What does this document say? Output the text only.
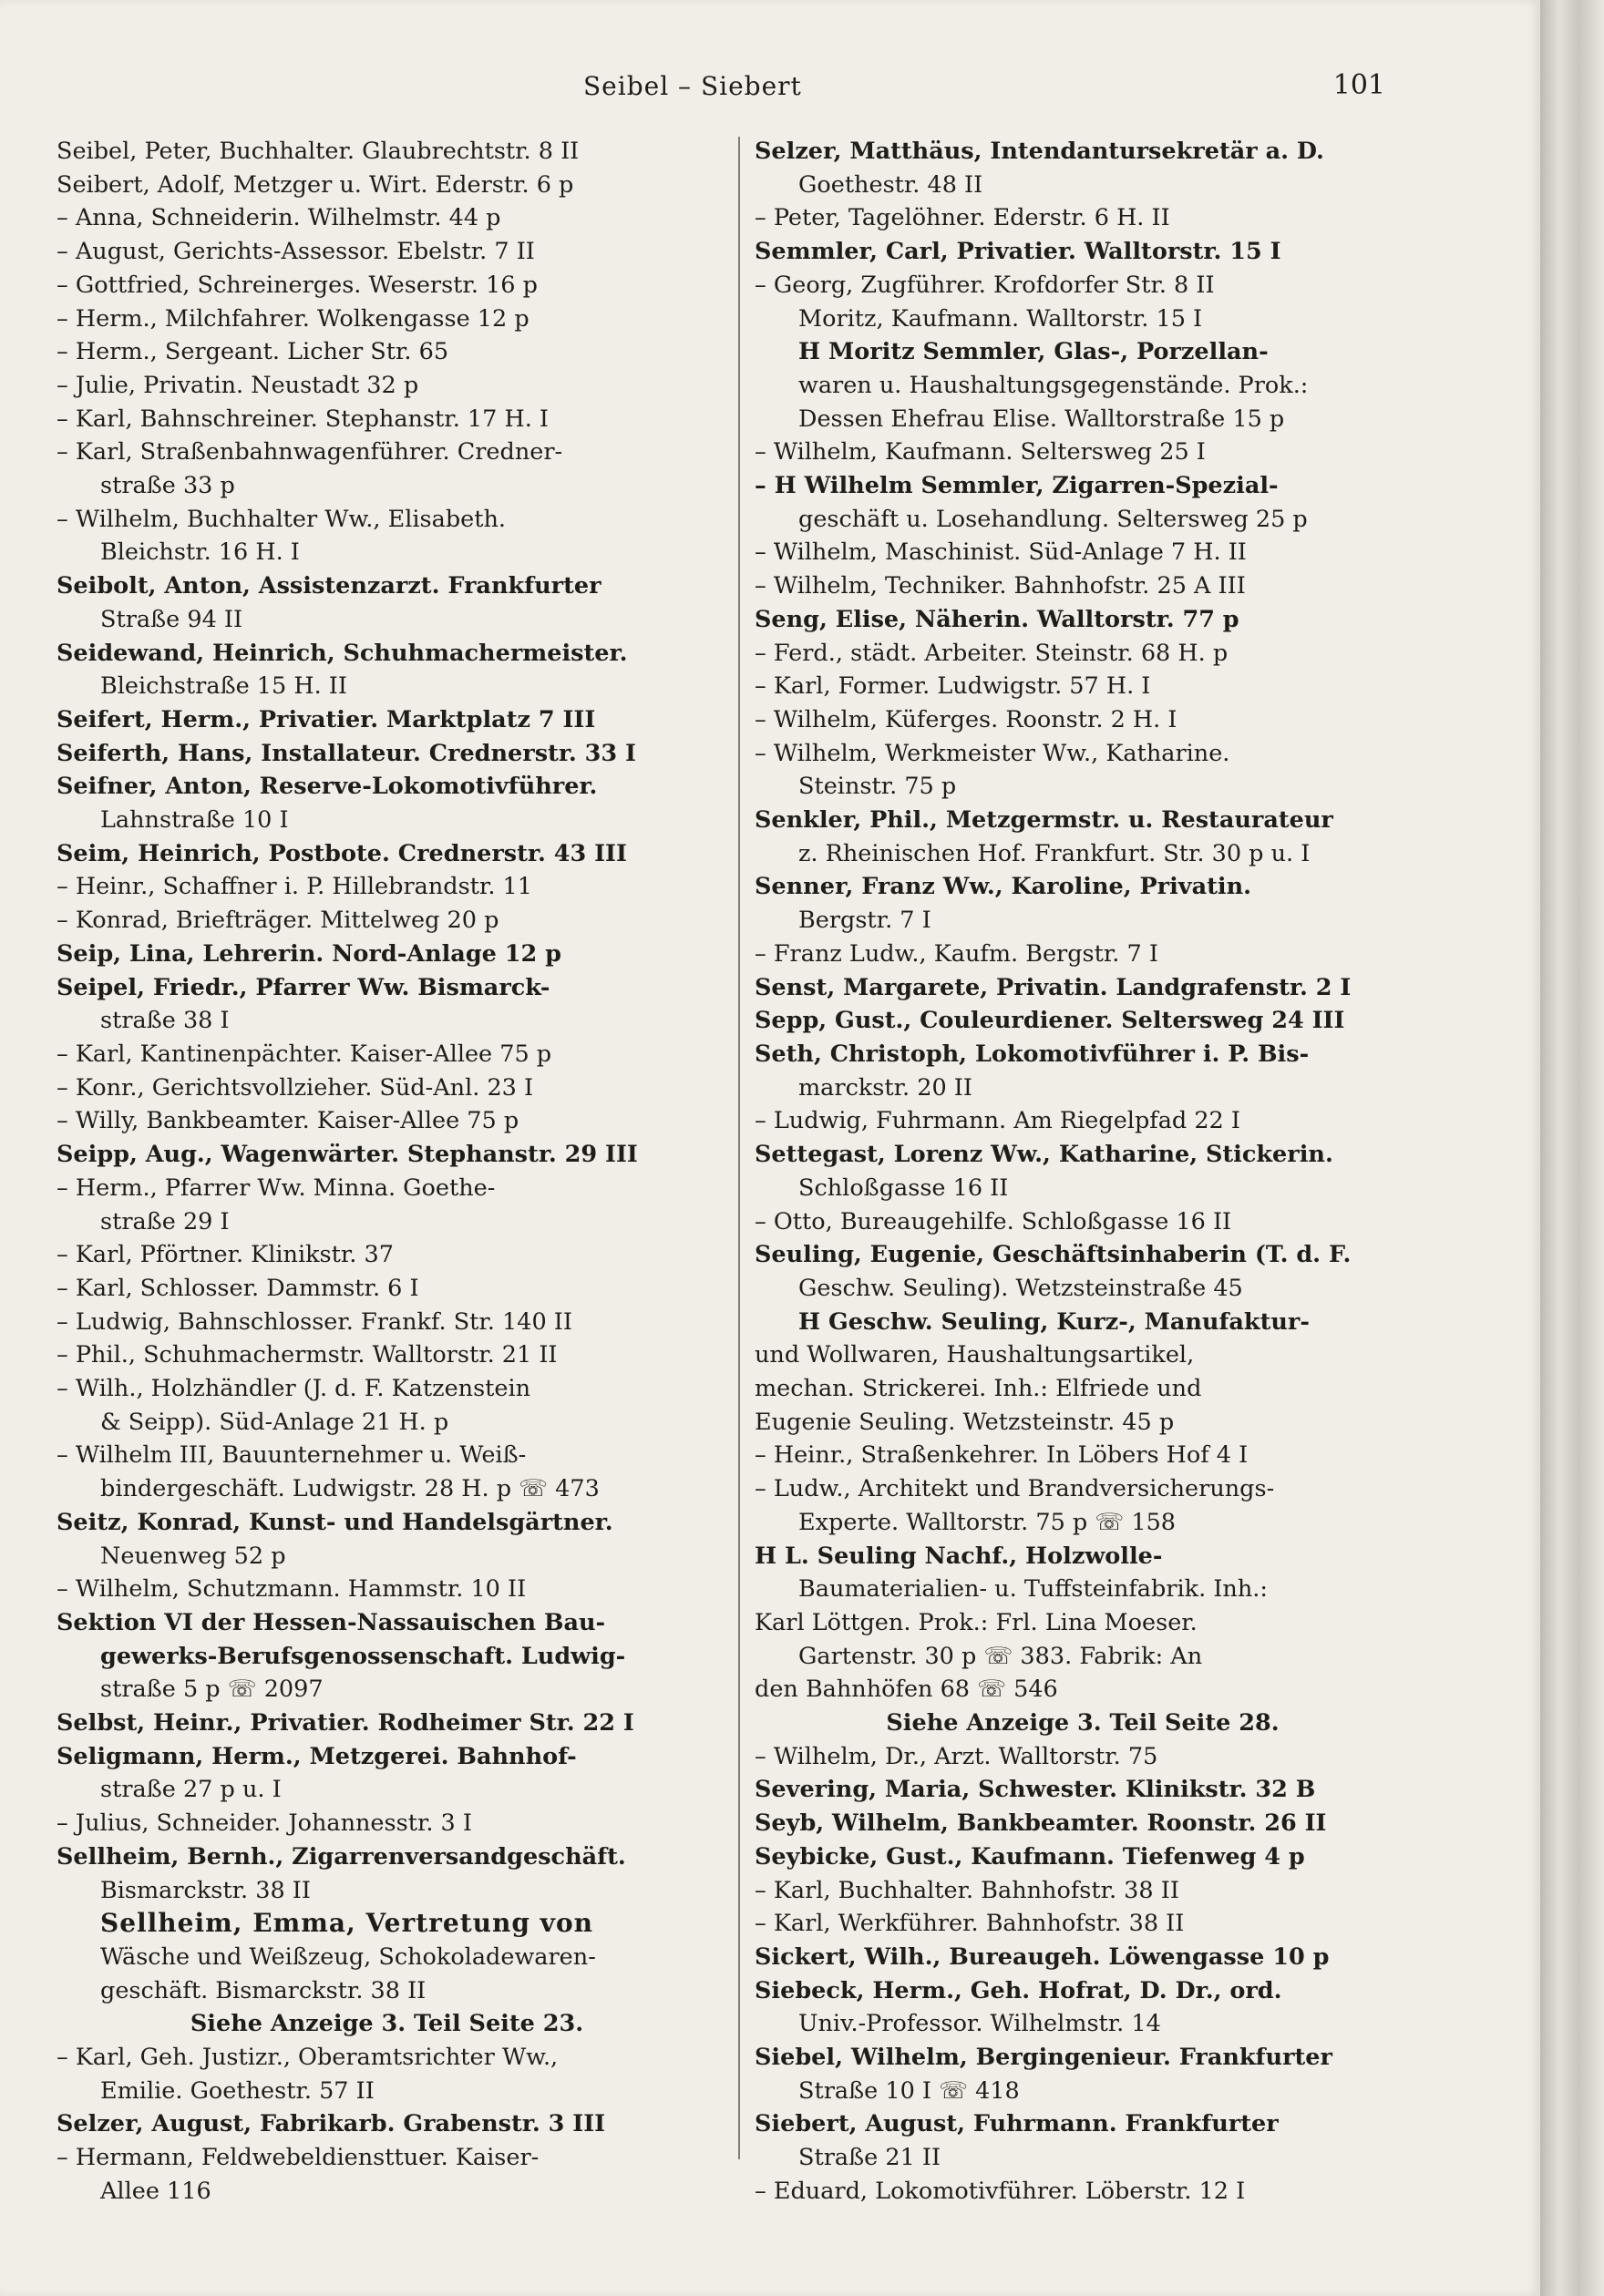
Seibel – Siebert	101
Seibel, Peter, Buchhalter. Glaubrechtstr. 8 II
Seibert, Adolf, Metzger u. Wirt. Ederstr. 6 p
– Anna, Schneiderin. Wilhelmstr. 44 p
– August, Gerichts-Assessor. Ebelstr. 7 II
– Gottfried, Schreinerges. Weserstr. 16 p
– Herm., Milchfahrer. Wolkengasse 12 p
– Herm., Sergeant. Licher Str. 65
– Julie, Privatin. Neustadt 32 p
– Karl, Bahnschreiner. Stephanstr. 17 H. I
– Karl, Straßenbahnwagenführer. Credner-
straße 33 p
– Wilhelm, Buchhalter Ww., Elisabeth.
Bleichstr. 16 H. I
Seibolt, Anton, Assistenzarzt. Frankfurter
Straße 94 II
Seidewand, Heinrich, Schuhmachermeister.
Bleichstraße 15 H. II
Seifert, Herm., Privatier. Marktplatz 7 III
Seiferth, Hans, Installateur. Crednerstr. 33 I
Seifner, Anton, Reserve-Lokomotivführer.
Lahnstraße 10 I
Seim, Heinrich, Postbote. Crednerstr. 43 III
– Heinr., Schaffner i. P. Hillebrandstr. 11
– Konrad, Briefträger. Mittelweg 20 p
Seip, Lina, Lehrerin. Nord-Anlage 12 p
Seipel, Friedr., Pfarrer Ww. Bismarck-
straße 38 I
– Karl, Kantinenpächter. Kaiser-Allee 75 p
– Konr., Gerichtsvollzieher. Süd-Anl. 23 I
– Willy, Bankbeamter. Kaiser-Allee 75 p
Seipp, Aug., Wagenwärter. Stephanstr. 29 III
– Herm., Pfarrer Ww. Minna. Goethe-
straße 29 I
– Karl, Pförtner. Klinikstr. 37
– Karl, Schlosser. Dammstr. 6 I
– Ludwig, Bahnschlosser. Frankf. Str. 140 II
– Phil., Schuhmachermstr. Walltorstr. 21 II
– Wilh., Holzhändler (J. d. F. Katzenstein
& Seipp). Süd-Anlage 21 H. p
– Wilhelm III, Bauunternehmer u. Weiß-
bindergeschäft. Ludwigstr. 28 H. p ☏ 473
Seitz, Konrad, Kunst- und Handelsgärtner.
Neuenweg 52 p
– Wilhelm, Schutzmann. Hammstr. 10 II
Sektion VI der Hessen-Nassauischen Bau-
gewerks-Berufsgenossenschaft. Ludwig-
straße 5 p ☏ 2097
Selbst, Heinr., Privatier. Rodheimer Str. 22 I
Seligmann, Herm., Metzgerei. Bahnhof-
straße 27 p u. I
– Julius, Schneider. Johannesstr. 3 I
Sellheim, Bernh., Zigarrenversandgeschäft.
Bismarckstr. 38 II
Sellheim, Emma, Vertretung von
Wäsche und Weißzeug, Schokoladewaren-
geschäft. Bismarckstr. 38 II
Siehe Anzeige 3. Teil Seite 23.
– Karl, Geh. Justizr., Oberamtsrichter Ww.,
Emilie. Goethestr. 57 II
Selzer, August, Fabrikarb. Grabenstr. 3 III
– Hermann, Feldwebeldiensttuer. Kaiser-
Allee 116
Selzer, Matthäus, Intendantursekretär a. D.
Goethestr. 48 II
– Peter, Tagelöhner. Ederstr. 6 H. II
Semmler, Carl, Privatier. Walltorstr. 15 I
– Georg, Zugführer. Krofdorfer Str. 8 II
Moritz, Kaufmann. Walltorstr. 15 I
H Moritz Semmler, Glas-, Porzellan-
waren u. Haushaltungsgegenstände. Prok.:
Dessen Ehefrau Elise. Walltorstraße 15 p
– Wilhelm, Kaufmann. Seltersweg 25 I
– H Wilhelm Semmler, Zigarren-Spezial-
geschäft u. Losehandlung. Seltersweg 25 p
– Wilhelm, Maschinist. Süd-Anlage 7 H. II
– Wilhelm, Techniker. Bahnhofstr. 25 A III
Seng, Elise, Näherin. Walltorstr. 77 p
– Ferd., städt. Arbeiter. Steinstr. 68 H. p
– Karl, Former. Ludwigstr. 57 H. I
– Wilhelm, Küferges. Roonstr. 2 H. I
– Wilhelm, Werkmeister Ww., Katharine.
Steinstr. 75 p
Senkler, Phil., Metzgermstr. u. Restaurateur
z. Rheinischen Hof. Frankfurt. Str. 30 p u. I
Senner, Franz Ww., Karoline, Privatin.
Bergstr. 7 I
– Franz Ludw., Kaufm. Bergstr. 7 I
Senst, Margarete, Privatin. Landgrafenstr. 2 I
Sepp, Gust., Couleurdiener. Seltersweg 24 III
Seth, Christoph, Lokomotivführer i. P. Bis-
marckstr. 20 II
– Ludwig, Fuhrmann. Am Riegelpfad 22 I
Settegast, Lorenz Ww., Katharine, Stickerin.
Schloßgasse 16 II
– Otto, Bureaugehilfe. Schloßgasse 16 II
Seuling, Eugenie, Geschäftsinhaberin (T. d. F.
Geschw. Seuling). Wetzsteinstraße 45
H Geschw. Seuling, Kurz-, Manufaktur-
und Wollwaren, Haushaltungsartikel,
mechan. Strickerei. Inh.: Elfriede und
Eugenie Seuling. Wetzsteinstr. 45 p
– Heinr., Straßenkehrer. In Löbers Hof 4 I
– Ludw., Architekt und Brandversicherungs-
Experte. Walltorstr. 75 p ☏ 158
H L. Seuling Nachf., Holzwolle-
Baumaterialien- u. Tuffsteinfabrik. Inh.:
Karl Löttgen. Prok.: Frl. Lina Moeser.
Gartenstr. 30 p ☏ 383. Fabrik: An
den Bahnhöfen 68 ☏ 546
Siehe Anzeige 3. Teil Seite 28.
– Wilhelm, Dr., Arzt. Walltorstr. 75
Severing, Maria, Schwester. Klinikstr. 32 B
Seyb, Wilhelm, Bankbeamter. Roonstr. 26 II
Seybicke, Gust., Kaufmann. Tiefenweg 4 p
– Karl, Buchhalter. Bahnhofstr. 38 II
– Karl, Werkführer. Bahnhofstr. 38 II
Sickert, Wilh., Bureaugeh. Löwengasse 10 p
Siebeck, Herm., Geh. Hofrat, D. Dr., ord.
Univ.-Professor. Wilhelmstr. 14
Siebel, Wilhelm, Bergingenieur. Frankfurter
Straße 10 I ☏ 418
Siebert, August, Fuhrmann. Frankfurter
Straße 21 II
– Eduard, Lokomotivführer. Löberstr. 12 I
